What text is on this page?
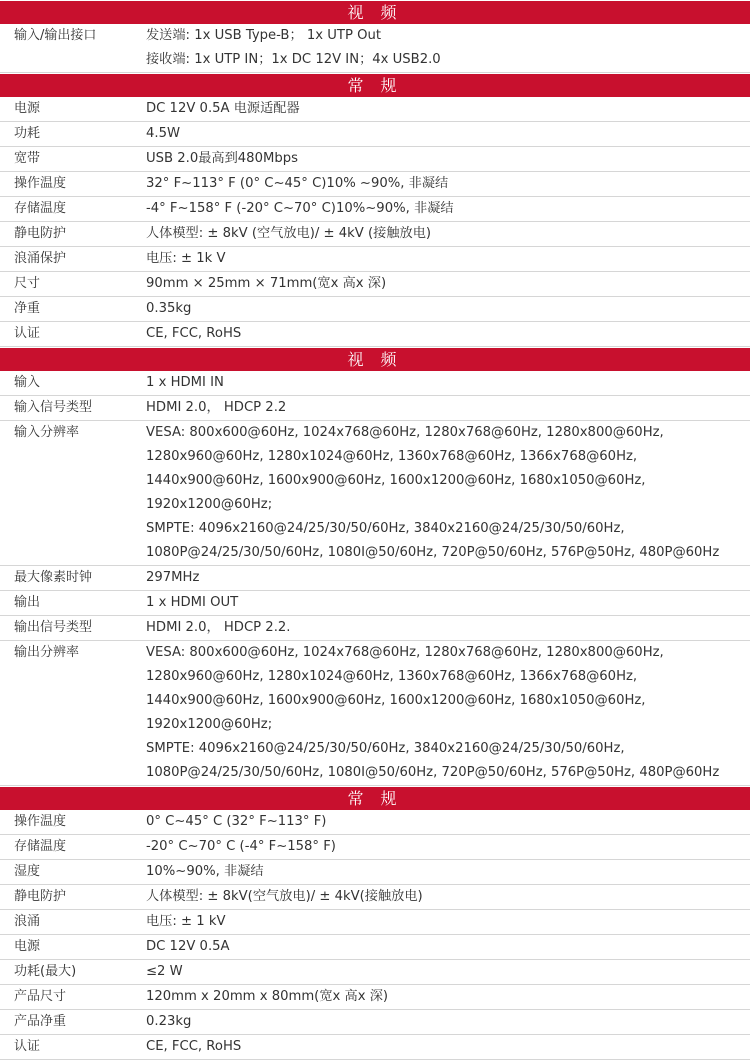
视 频
输入/输出接口	发送端: 1x USB Type-B； 1x UTP Out
接收端: 1x UTP IN；1x DC 12V IN；4x USB2.0
常 规
电源	DC 12V 0.5A 电源适配器
功耗	4.5W
宽带	USB 2.0最高到480Mbps
操作温度	32° F~113° F (0° C~45° C)10% ~90%, 非凝结
存储温度	-4° F~158° F (-20° C~70° C)10%~90%, 非凝结
静电防护	人体模型: ± 8kV (空气放电)/ ± 4kV (接触放电)
浪涌保护	电压: ± 1k V
尺寸	90mm × 25mm × 71mm(宽x 高x 深)
净重	0.35kg
认证	CE, FCC, RoHS
视 频
输入	1 x HDMI IN
输入信号类型	HDMI 2.0， HDCP 2.2
输入分辨率	VESA: 800x600@60Hz, 1024x768@60Hz, 1280x768@60Hz, 1280x800@60Hz,
1280x960@60Hz, 1280x1024@60Hz, 1360x768@60Hz, 1366x768@60Hz,
1440x900@60Hz, 1600x900@60Hz, 1600x1200@60Hz, 1680x1050@60Hz,
1920x1200@60Hz;
SMPTE: 4096x2160@24/25/30/50/60Hz, 3840x2160@24/25/30/50/60Hz,
1080P@24/25/30/50/60Hz, 1080I@50/60Hz, 720P@50/60Hz, 576P@50Hz, 480P@60Hz
最大像素时钟	297MHz
输出	1 x HDMI OUT
输出信号类型	HDMI 2.0， HDCP 2.2.
输出分辨率	VESA: 800x600@60Hz, 1024x768@60Hz, 1280x768@60Hz, 1280x800@60Hz,
1280x960@60Hz, 1280x1024@60Hz, 1360x768@60Hz, 1366x768@60Hz,
1440x900@60Hz, 1600x900@60Hz, 1600x1200@60Hz, 1680x1050@60Hz,
1920x1200@60Hz;
SMPTE: 4096x2160@24/25/30/50/60Hz, 3840x2160@24/25/30/50/60Hz,
1080P@24/25/30/50/60Hz, 1080I@50/60Hz, 720P@50/60Hz, 576P@50Hz, 480P@60Hz
常 规
操作温度	0° C~45° C (32° F~113° F)
存储温度	-20° C~70° C (-4° F~158° F)
湿度	10%~90%, 非凝结
静电防护	人体模型: ± 8kV(空气放电)/ ± 4kV(接触放电)
浪涌	电压: ± 1 kV
电源	DC 12V 0.5A
功耗(最大)	≤2 W
产品尺寸	120mm x 20mm x 80mm(宽x 高x 深)
产品净重	0.23kg
认证	CE, FCC, RoHS
